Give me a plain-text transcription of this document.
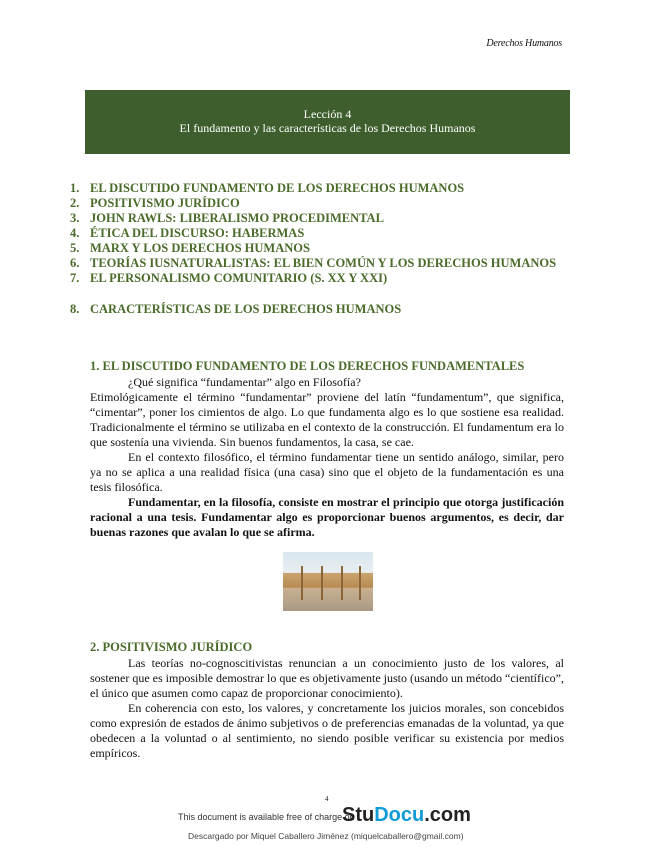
Derechos Humanos
Lección 4
El fundamento y las características de los Derechos Humanos
1. EL DISCUTIDO FUNDAMENTO DE LOS DERECHOS HUMANOS
2. POSITIVISMO JURÍDICO
3. JOHN RAWLS: LIBERALISMO PROCEDIMENTAL
4. ÉTICA DEL DISCURSO: HABERMAS
5. MARX Y LOS DERECHOS HUMANOS
6. TEORÍAS IUSNATURALISTAS: EL BIEN COMÚN Y LOS DERECHOS HUMANOS
7. EL PERSONALISMO COMUNITARIO (S. XX Y XXI)
8. CARACTERÍSTICAS DE LOS DERECHOS HUMANOS
1. EL DISCUTIDO FUNDAMENTO DE LOS DERECHOS FUNDAMENTALES

¿Qué significa “fundamentar” algo en Filosofía?

Etimológicamente el término “fundamentar” proviene del latín “fundamentum”, que significa, “cimentar”, poner los cimientos de algo. Lo que fundamenta algo es lo que sostiene esa realidad. Tradicionalmente el término se utilizaba en el contexto de la construcción. El fundamentum era lo que sostenía una vivienda. Sin buenos fundamentos, la casa, se cae.

En el contexto filosófico, el término fundamentar tiene un sentido análogo, similar, pero ya no se aplica a una realidad física (una casa) sino que el objeto de la fundamentación es una tesis filosófica.

Fundamentar, en la filosofía, consiste en mostrar el principio que otorga justificación racional a una tesis. Fundamentar algo es proporcionar buenos argumentos, es decir, dar buenas razones que avalan lo que se afirma.

2. POSITIVISMO JURÍDICO

Las teorías no-cognoscitivistas renuncian a un conocimiento justo de los valores, al sostener que es imposible demostrar lo que es objetivamente justo (usando un método “científico”, el único que asumen como capaz de proporcionar conocimiento).

En coherencia con esto, los valores, y concretamente los juicios morales, son concebidos como expresión de estados de ánimo subjetivos o de preferencias emanadas de la voluntad, ya que obedecen a la voluntad o al sentimiento, no siendo posible verificar su existencia por medios empíricos.

4
This document is available free of charge on
StuDocu.com
Descargado por Miquel Caballero Jiménez (miquelcaballero@gmail.com)
